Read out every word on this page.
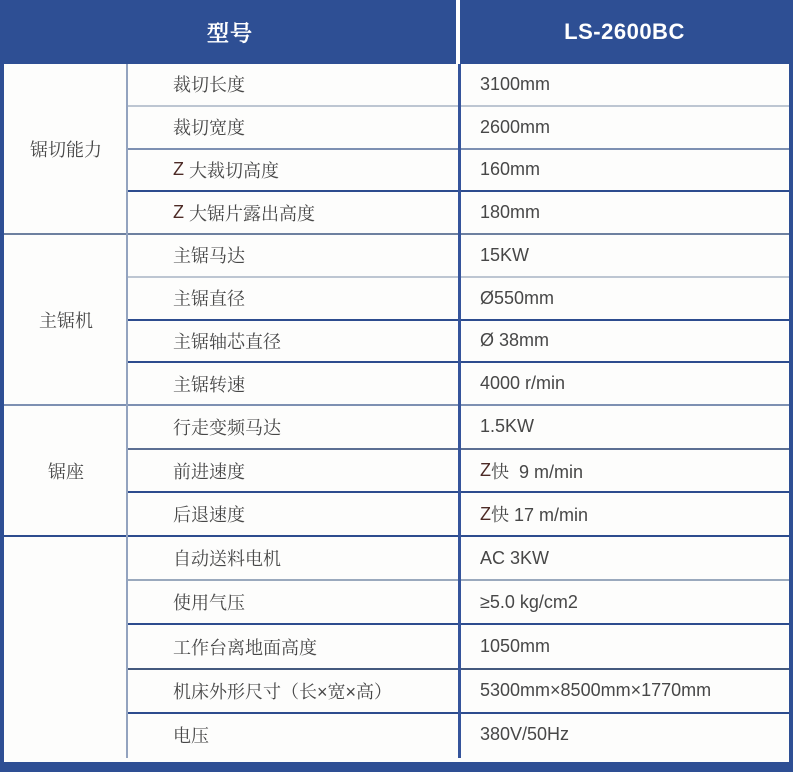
型号	LS-2600BC
锯切能力
裁切长度	3100mm
裁切宽度	2600mm
Z 大裁切高度	160mm
Z 大锯片露出高度	180mm
主锯机
主锯马达	15KW
主锯直径	Ø550mm
主锯轴芯直径	Ø 38mm
主锯转速	4000 r/min
锯座
行走变频马达	1.5KW
前进速度	Z 快  9 m/min
后退速度	Z 快 17 m/min
自动送料电机	AC 3KW
使用气压	≥5.0 kg/cm2
工作台离地面高度	1050mm
机床外形尺寸（长×宽×高）	5300mm×8500mm×1770mm
电压	380V/50Hz
